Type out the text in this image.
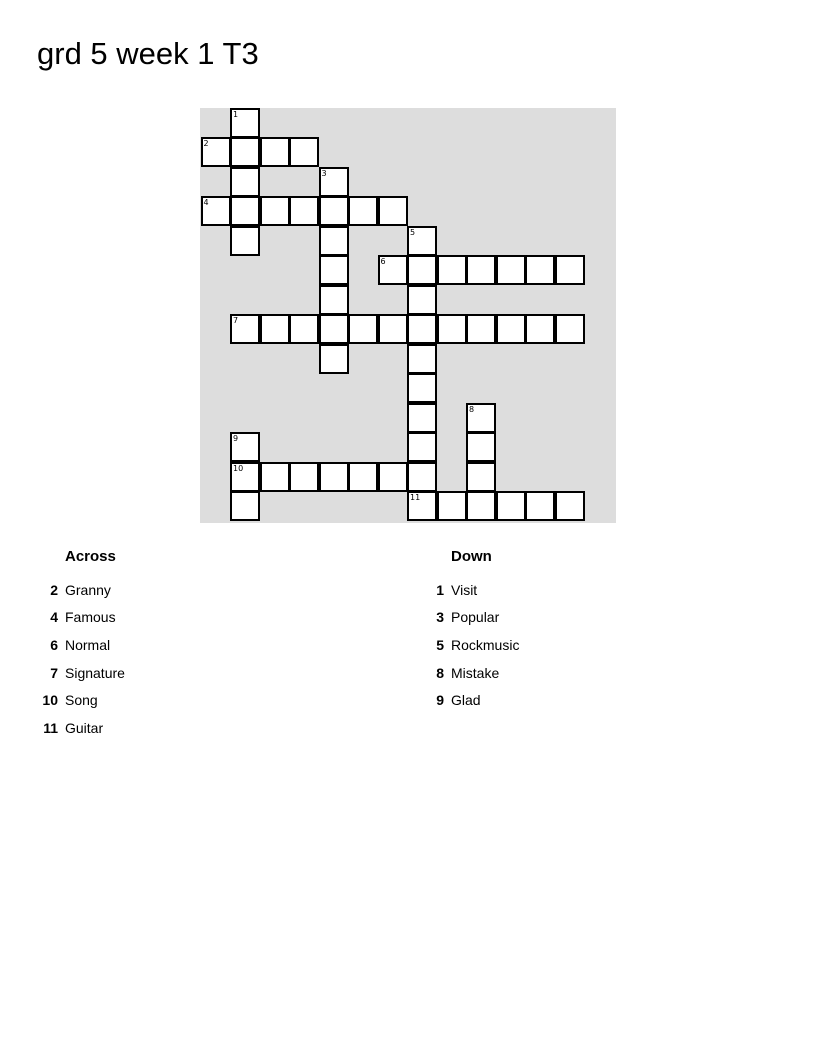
grd 5 week 1 T3
1
2
3
4
5
6
7
8
9
10
11
Across
2 Granny
4 Famous
6 Normal
7 Signature
10 Song
11 Guitar
Down
1 Visit
3 Popular
5 Rockmusic
8 Mistake
9 Glad
